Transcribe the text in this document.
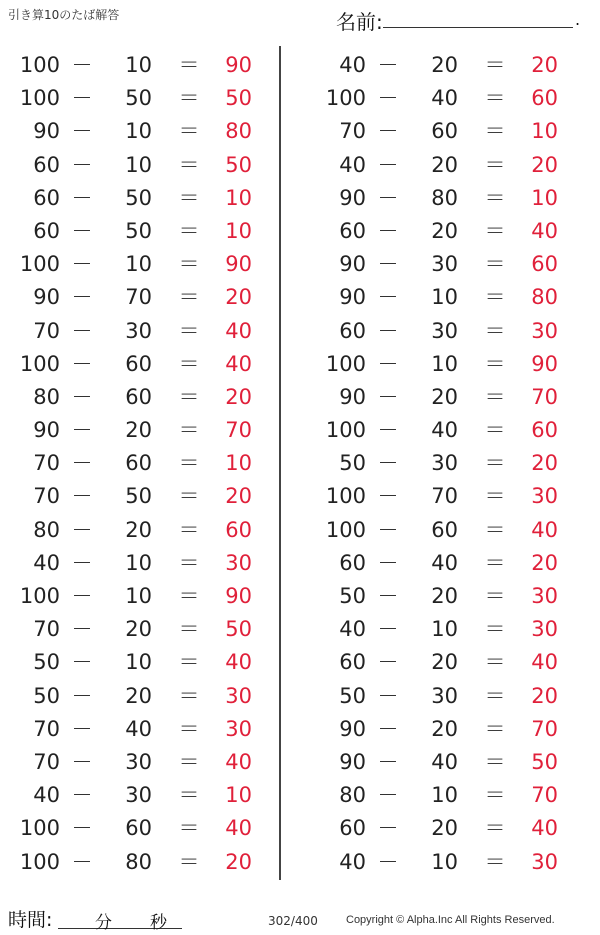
引き算10のたば解答	名前:	.
100 －	10 ＝	90
100 －	50 ＝	50
90 －	10 ＝	80
60 －	10 ＝	50
60 －	50 ＝	10
60 －	50 ＝	10
100 －	10 ＝	90
90 －	70 ＝	20
70 －	30 ＝	40
100 －	60 ＝	40
80 －	60 ＝	20
90 －	20 ＝	70
70 －	60 ＝	10
70 －	50 ＝	20
80 －	20 ＝	60
40 －	10 ＝	30
100 －	10 ＝	90
70 －	20 ＝	50
50 －	10 ＝	40
50 －	20 ＝	30
70 －	40 ＝	30
70 －	30 ＝	40
40 －	30 ＝	10
100 －	60 ＝	40
100 －	80 ＝	20
40 －	20 ＝	20
100 －	40 ＝	60
70 －	60 ＝	10
40 －	20 ＝	20
90 －	80 ＝	10
60 －	20 ＝	40
90 －	30 ＝	60
90 －	10 ＝	80
60 －	30 ＝	30
100 －	10 ＝	90
90 －	20 ＝	70
100 －	40 ＝	60
50 －	30 ＝	20
100 －	70 ＝	30
100 －	60 ＝	40
60 －	40 ＝	20
50 －	20 ＝	30
40 －	10 ＝	30
60 －	20 ＝	40
50 －	30 ＝	20
90 －	20 ＝	70
90 －	40 ＝	50
80 －	10 ＝	70
60 －	20 ＝	40
40 －	10 ＝	30
時間:	分 秒	302/400	Copyright © Alpha.Inc All Rights Reserved.
